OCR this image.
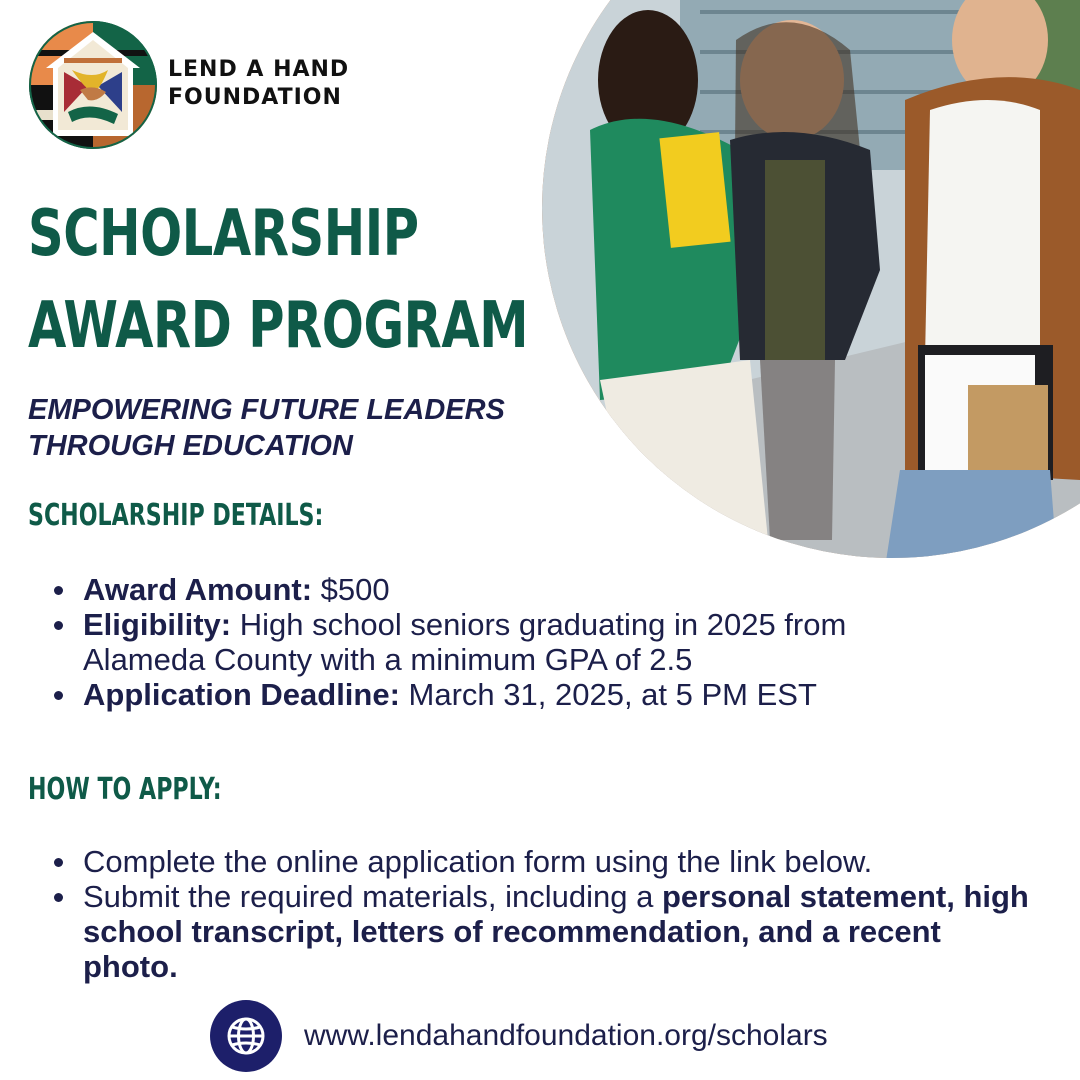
LEND A HAND
FOUNDATION
SCHOLARSHIP
AWARD PROGRAM
EMPOWERING FUTURE LEADERS
THROUGH EDUCATION
SCHOLARSHIP DETAILS:
Award Amount: $500
Eligibility: High school seniors graduating in 2025 from Alameda County with a minimum GPA of 2.5
Application Deadline: March 31, 2025, at 5 PM EST
HOW TO APPLY:
Complete the online application form using the link below.
Submit the required materials, including a personal statement, high school transcript, letters of recommendation, and a recent photo.
www.lendahandfoundation.org/scholars
